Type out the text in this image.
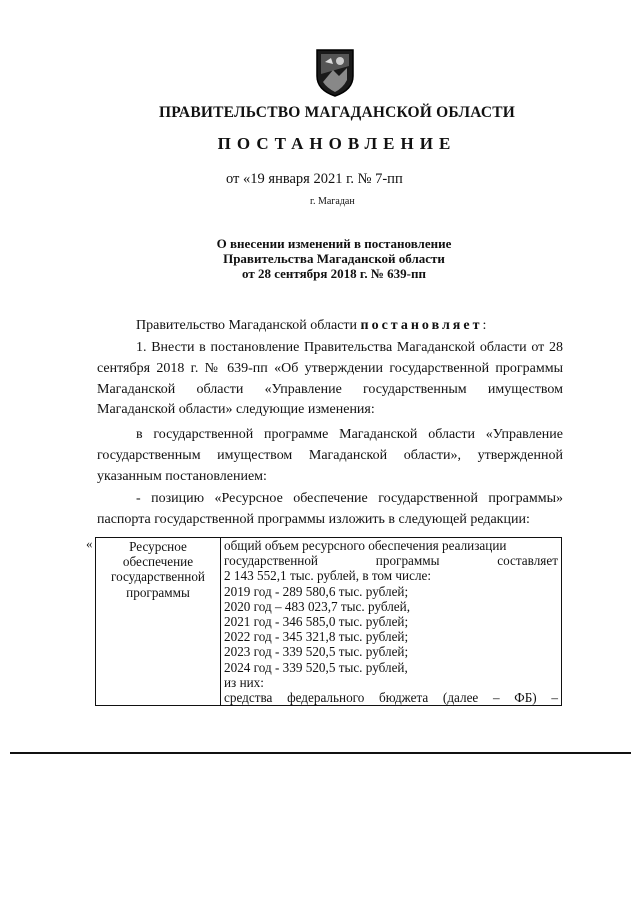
ПРАВИТЕЛЬСТВО МАГАДАНСКОЙ ОБЛАСТИ
ПОСТАНОВЛЕНИЕ
от «19 января 2021 г. № 7-пп
г. Магадан
О внесении изменений в постановление
Правительства Магаданской области
от 28 сентября 2018 г. № 639-пп
Правительство Магаданской области постановляет:
1. Внести в постановление Правительства Магаданской области от 28 сентября 2018 г. № 639-пп «Об утверждении государственной программы Магаданской области «Управление государственным имуществом Магаданской области» следующие изменения:
в государственной программе Магаданской области «Управление государственным имуществом Магаданской области», утвержденной указанным постановлением:
- позицию «Ресурсное обеспечение государственной программы» паспорта государственной программы изложить в следующей редакции:
«	Ресурсное
обеспечение
государственной
программы

общий объем ресурсного обеспечения реализации
государственной	программы	составляет
2 143 552,1 тыс. рублей, в том числе:
2019 год - 289 580,6 тыс. рублей;
2020 год – 483 023,7 тыс. рублей,
2021 год - 346 585,0 тыс. рублей;
2022 год - 345 321,8 тыс. рублей;
2023 год - 339 520,5 тыс. рублей;
2024 год - 339 520,5 тыс. рублей,
из них:
средства федерального бюджета (далее – ФБ) –
